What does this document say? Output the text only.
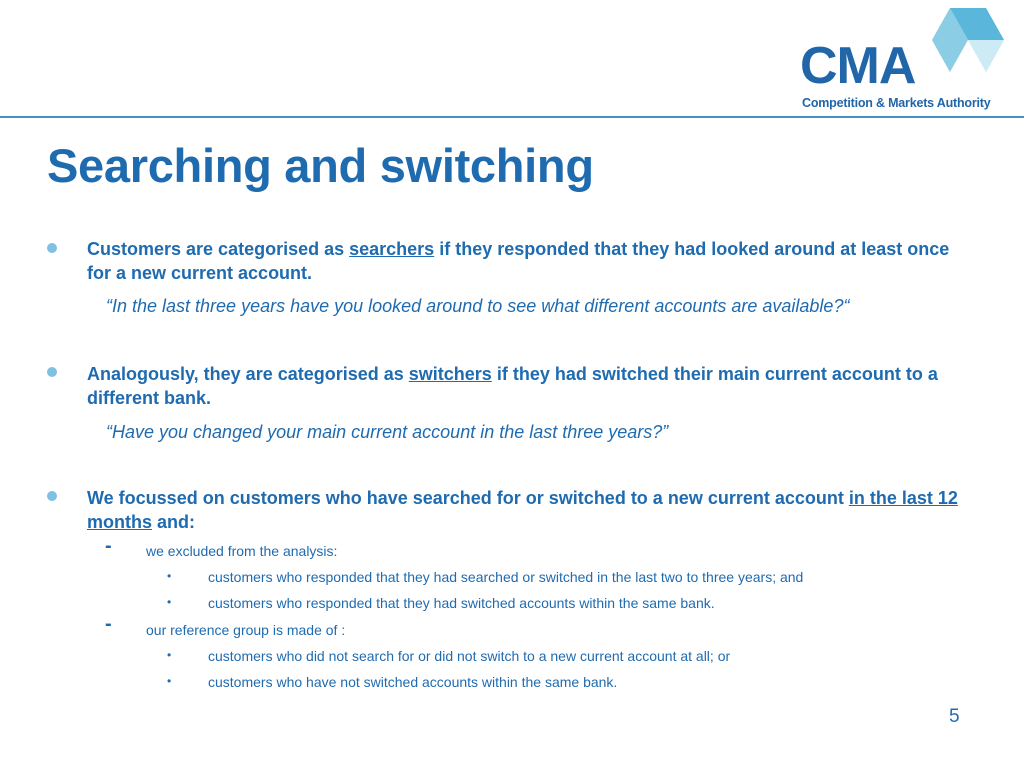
CMA
Competition & Markets Authority
Searching and switching
Customers are categorised as searchers if they responded that they had looked around at least once for a new current account.
“In the last three years have you looked around to see what different accounts are available?“
Analogously, they are categorised as switchers if they had switched their main current account to a different bank.
“Have you changed your main current account in the last three years?”
We focussed on customers who have searched for or switched to a new current account in the last 12 months and:
- we excluded from the analysis:
•	customers who responded that they had searched or switched in the last two to three years; and
•	customers who responded that they had switched accounts within the same bank.
- our reference group is made of :
•	customers who did not search for or did not switch to a new current account at all; or
•	customers who have not switched accounts within the same bank.
5
